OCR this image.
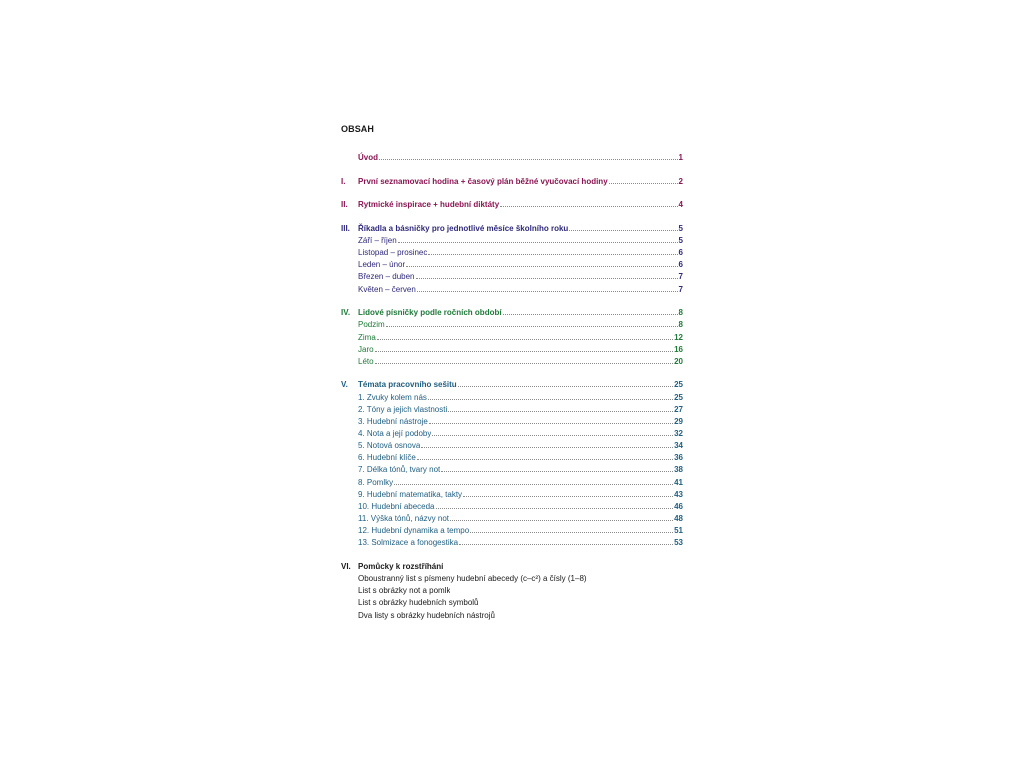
OBSAH
Úvod	1
I.	První seznamovací hodina + časový plán běžné vyučovací hodiny	2
II.	Rytmické inspirace + hudební diktáty	4
III.	Říkadla a básničky pro jednotlivé měsíce školního roku	5
Září – říjen	5
Listopad – prosinec	6
Leden – únor	6
Březen – duben	7
Květen – červen	7
IV. Lidové písničky podle ročních období	8
Podzim	8
Zima	12
Jaro	16
Léto	20
V.	Témata pracovního sešitu	25
1. Zvuky kolem nás	25
2. Tóny a jejich vlastnosti	27
3. Hudební nástroje	29
4. Nota a její podoby	32
5. Notová osnova	34
6. Hudební klíče	36
7. Délka tónů, tvary not	38
8. Pomlky	41
9. Hudební matematika, takty	43
10. Hudební abeceda	46
11. Výška tónů, názvy not	48
12. Hudební dynamika a tempo	51
13. Solmizace a fonogestika	53
VI. Pomůcky k rozstříhání
Oboustranný list s písmeny hudební abecedy (c–c²) a čísly (1–8)
List s obrázky not a pomlk
List s obrázky hudebních symbolů
Dva listy s obrázky hudebních nástrojů
